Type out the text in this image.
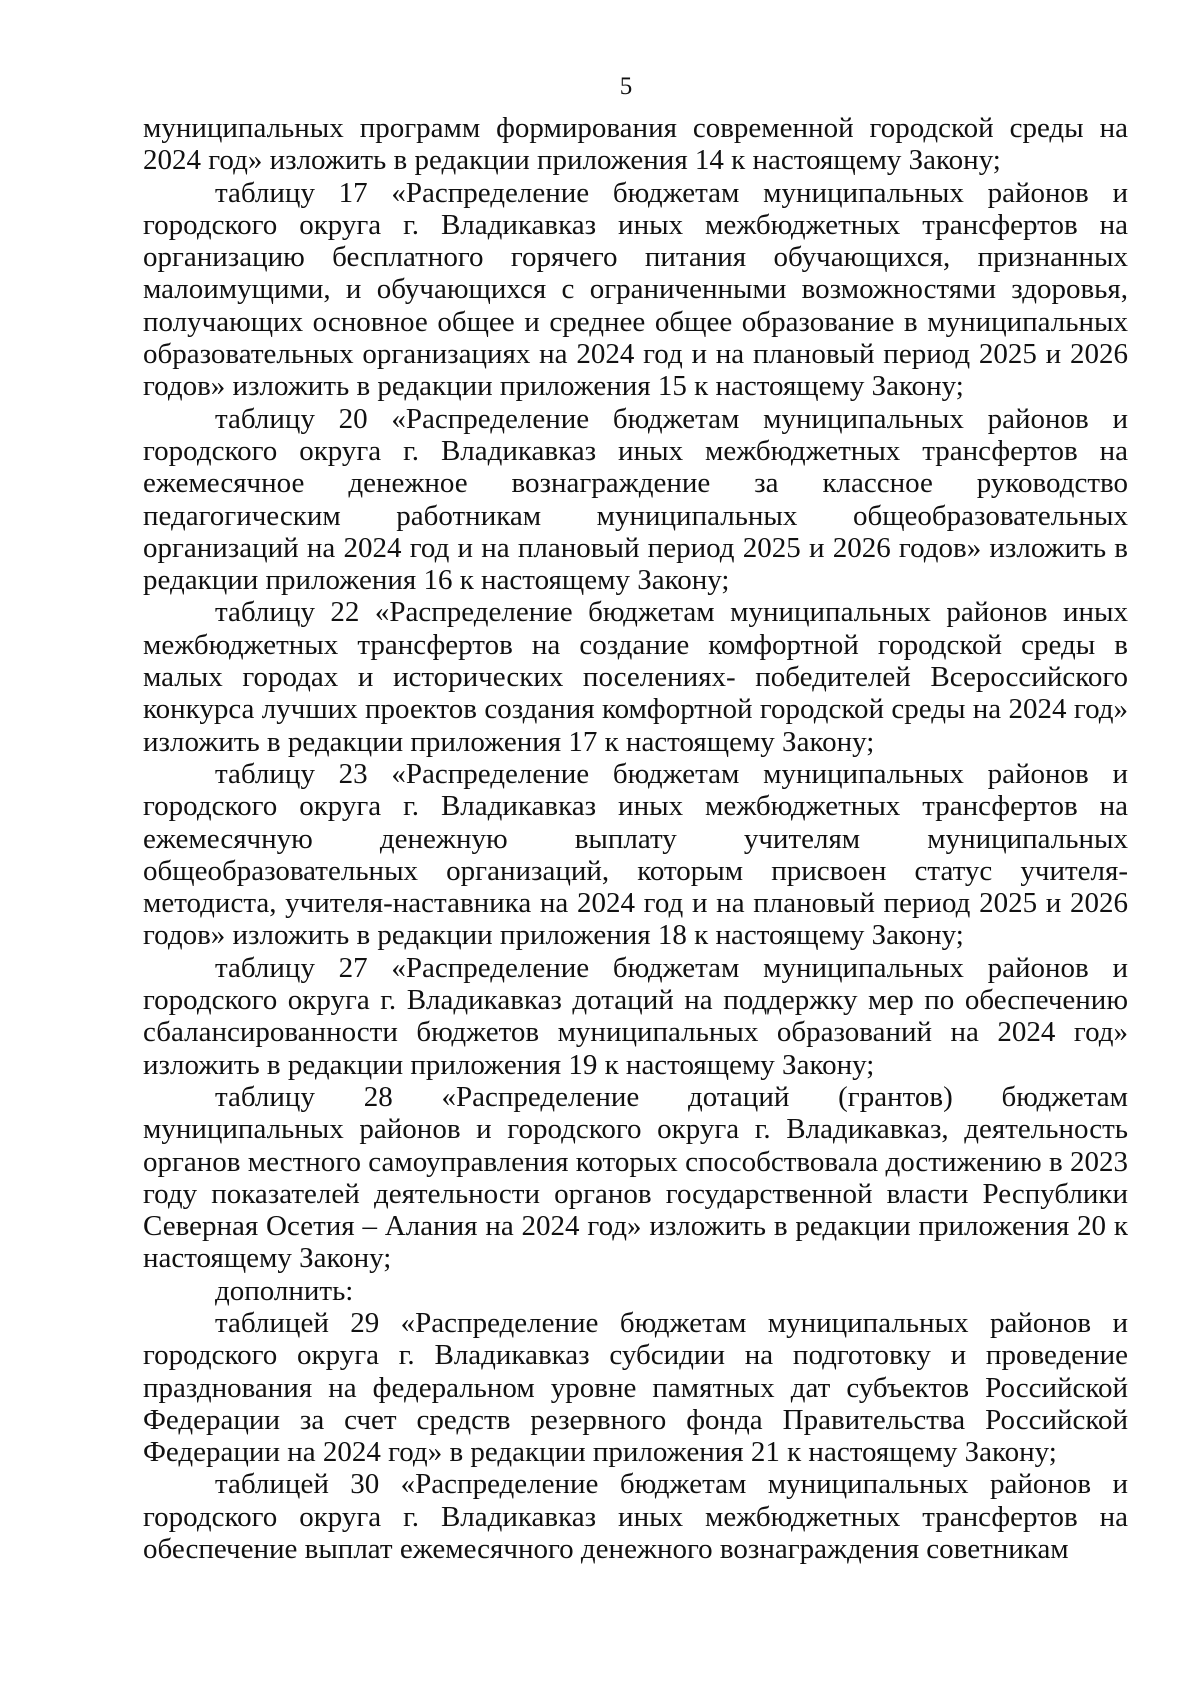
5

муниципальных программ формирования современной городской среды на 2024 год» изложить в редакции приложения 14 к настоящему Закону;

таблицу 17 «Распределение бюджетам муниципальных районов и городского округа г. Владикавказ иных межбюджетных трансфертов на организацию бесплатного горячего питания обучающихся, признанных малоимущими, и обучающихся с ограниченными возможностями здоровья, получающих основное общее и среднее общее образование в муниципальных образовательных организациях на 2024 год и на плановый период 2025 и 2026 годов» изложить в редакции приложения 15 к настоящему Закону;

таблицу 20 «Распределение бюджетам муниципальных районов и городского округа г. Владикавказ иных межбюджетных трансфертов на ежемесячное денежное вознаграждение за классное руководство педагогическим работникам муниципальных общеобразовательных организаций на 2024 год и на плановый период 2025 и 2026 годов» изложить в редакции приложения 16 к настоящему Закону;

таблицу 22 «Распределение бюджетам муниципальных районов иных межбюджетных трансфертов на создание комфортной городской среды в малых городах и исторических поселениях- победителей Всероссийского конкурса лучших проектов создания комфортной городской среды на 2024 год» изложить в редакции приложения 17 к настоящему Закону;

таблицу 23 «Распределение бюджетам муниципальных районов и городского округа г. Владикавказ иных межбюджетных трансфертов на ежемесячную денежную выплату учителям муниципальных общеобразовательных организаций, которым присвоен статус учителя-методиста, учителя-наставника на 2024 год и на плановый период 2025 и 2026 годов» изложить в редакции приложения 18 к настоящему Закону;

таблицу 27 «Распределение бюджетам муниципальных районов и городского округа г. Владикавказ дотаций на поддержку мер по обеспечению сбалансированности бюджетов муниципальных образований на 2024 год» изложить в редакции приложения 19 к настоящему Закону;

таблицу 28 «Распределение дотаций (грантов) бюджетам муниципальных районов и городского округа г. Владикавказ, деятельность органов местного самоуправления которых способствовала достижению в 2023 году показателей деятельности органов государственной власти Республики Северная Осетия – Алания на 2024 год» изложить в редакции приложения 20 к настоящему Закону;

дополнить:

таблицей 29 «Распределение бюджетам муниципальных районов и городского округа г. Владикавказ субсидии на подготовку и проведение празднования на федеральном уровне памятных дат субъектов Российской Федерации за счет средств резервного фонда Правительства Российской Федерации на 2024 год» в редакции приложения 21 к настоящему Закону;

таблицей 30 «Распределение бюджетам муниципальных районов и городского округа г. Владикавказ иных межбюджетных трансфертов на обеспечение выплат ежемесячного денежного вознаграждения советникам
